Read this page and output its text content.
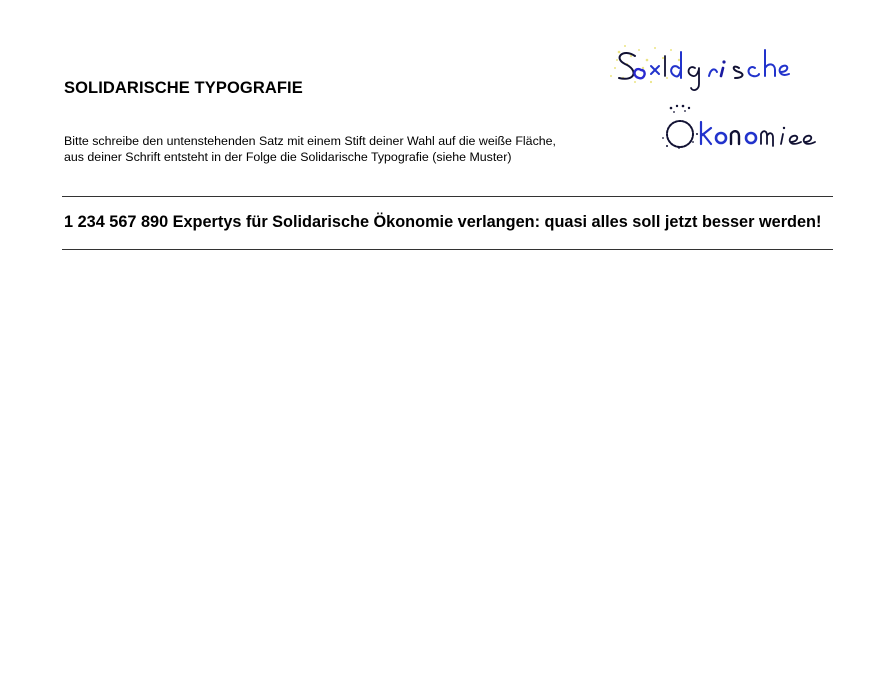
SOLIDARISCHE TYPOGRAFIE
Bitte schreibe den untenstehenden Satz mit einem Stift deiner Wahl auf die weiße Fläche,
aus deiner Schrift entsteht in der Folge die Solidarische Typografie (siehe Muster)

1 234 567 890 Expertys für Solidarische Ökonomie verlangen: quasi alles soll jetzt besser werden!
